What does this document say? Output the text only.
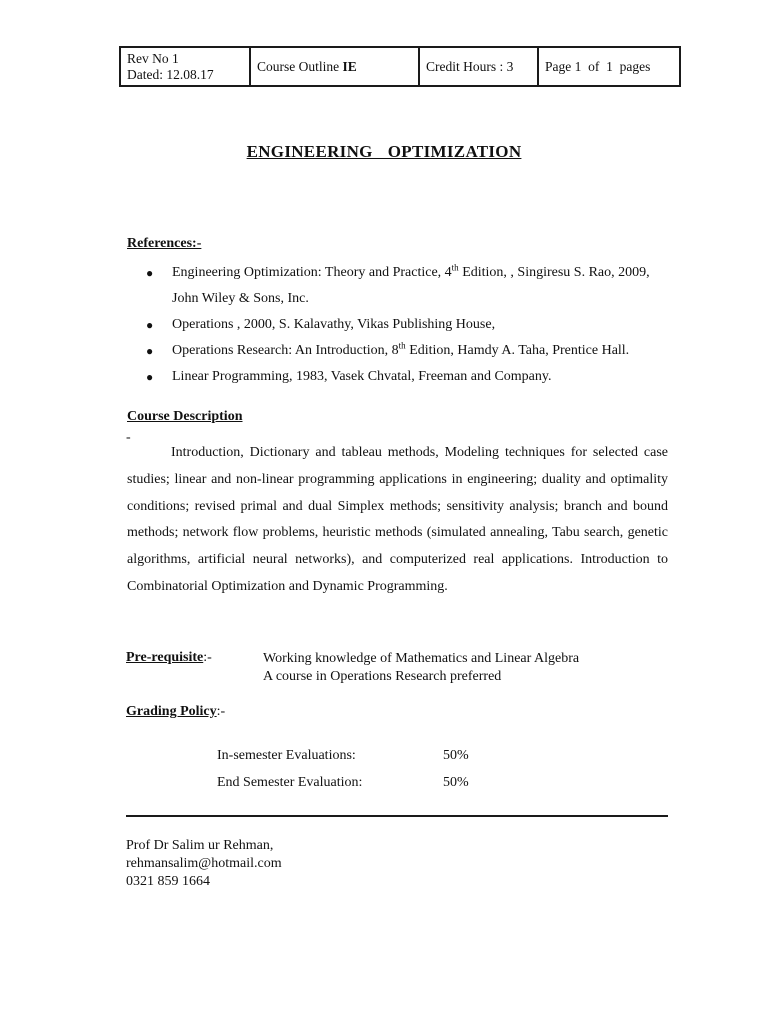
Rev No 1
Dated: 12.08.17
Course Outline IE	Credit Hours : 3	Page 1  of  1  pages
ENGINEERING  OPTIMIZATION
References:-
● Engineering Optimization: Theory and Practice, 4th Edition, , Singiresu S. Rao, 2009, John Wiley & Sons, Inc.
● Operations , 2000, S. Kalavathy, Vikas Publishing House,
● Operations Research: An Introduction, 8th Edition, Hamdy A. Taha, Prentice Hall.
● Linear Programming, 1983, Vasek Chvatal, Freeman and Company.
Course Description
-

Introduction, Dictionary and tableau methods, Modeling techniques for selected case studies; linear and non-linear programming applications in engineering; duality and optimality conditions; revised primal and dual Simplex methods; sensitivity analysis; branch and bound methods; network flow problems, heuristic methods (simulated annealing, Tabu search, genetic algorithms, artificial neural networks), and computerized real applications. Introduction to Combinatorial Optimization and Dynamic Programming.

Pre-requisite:-	Working knowledge of Mathematics and Linear Algebra
A course in Operations Research preferred
Grading Policy:-
In-semester Evaluations:	50%
End Semester Evaluation:	50%
Prof Dr Salim ur Rehman,
rehmansalim@hotmail.com
0321 859 1664
